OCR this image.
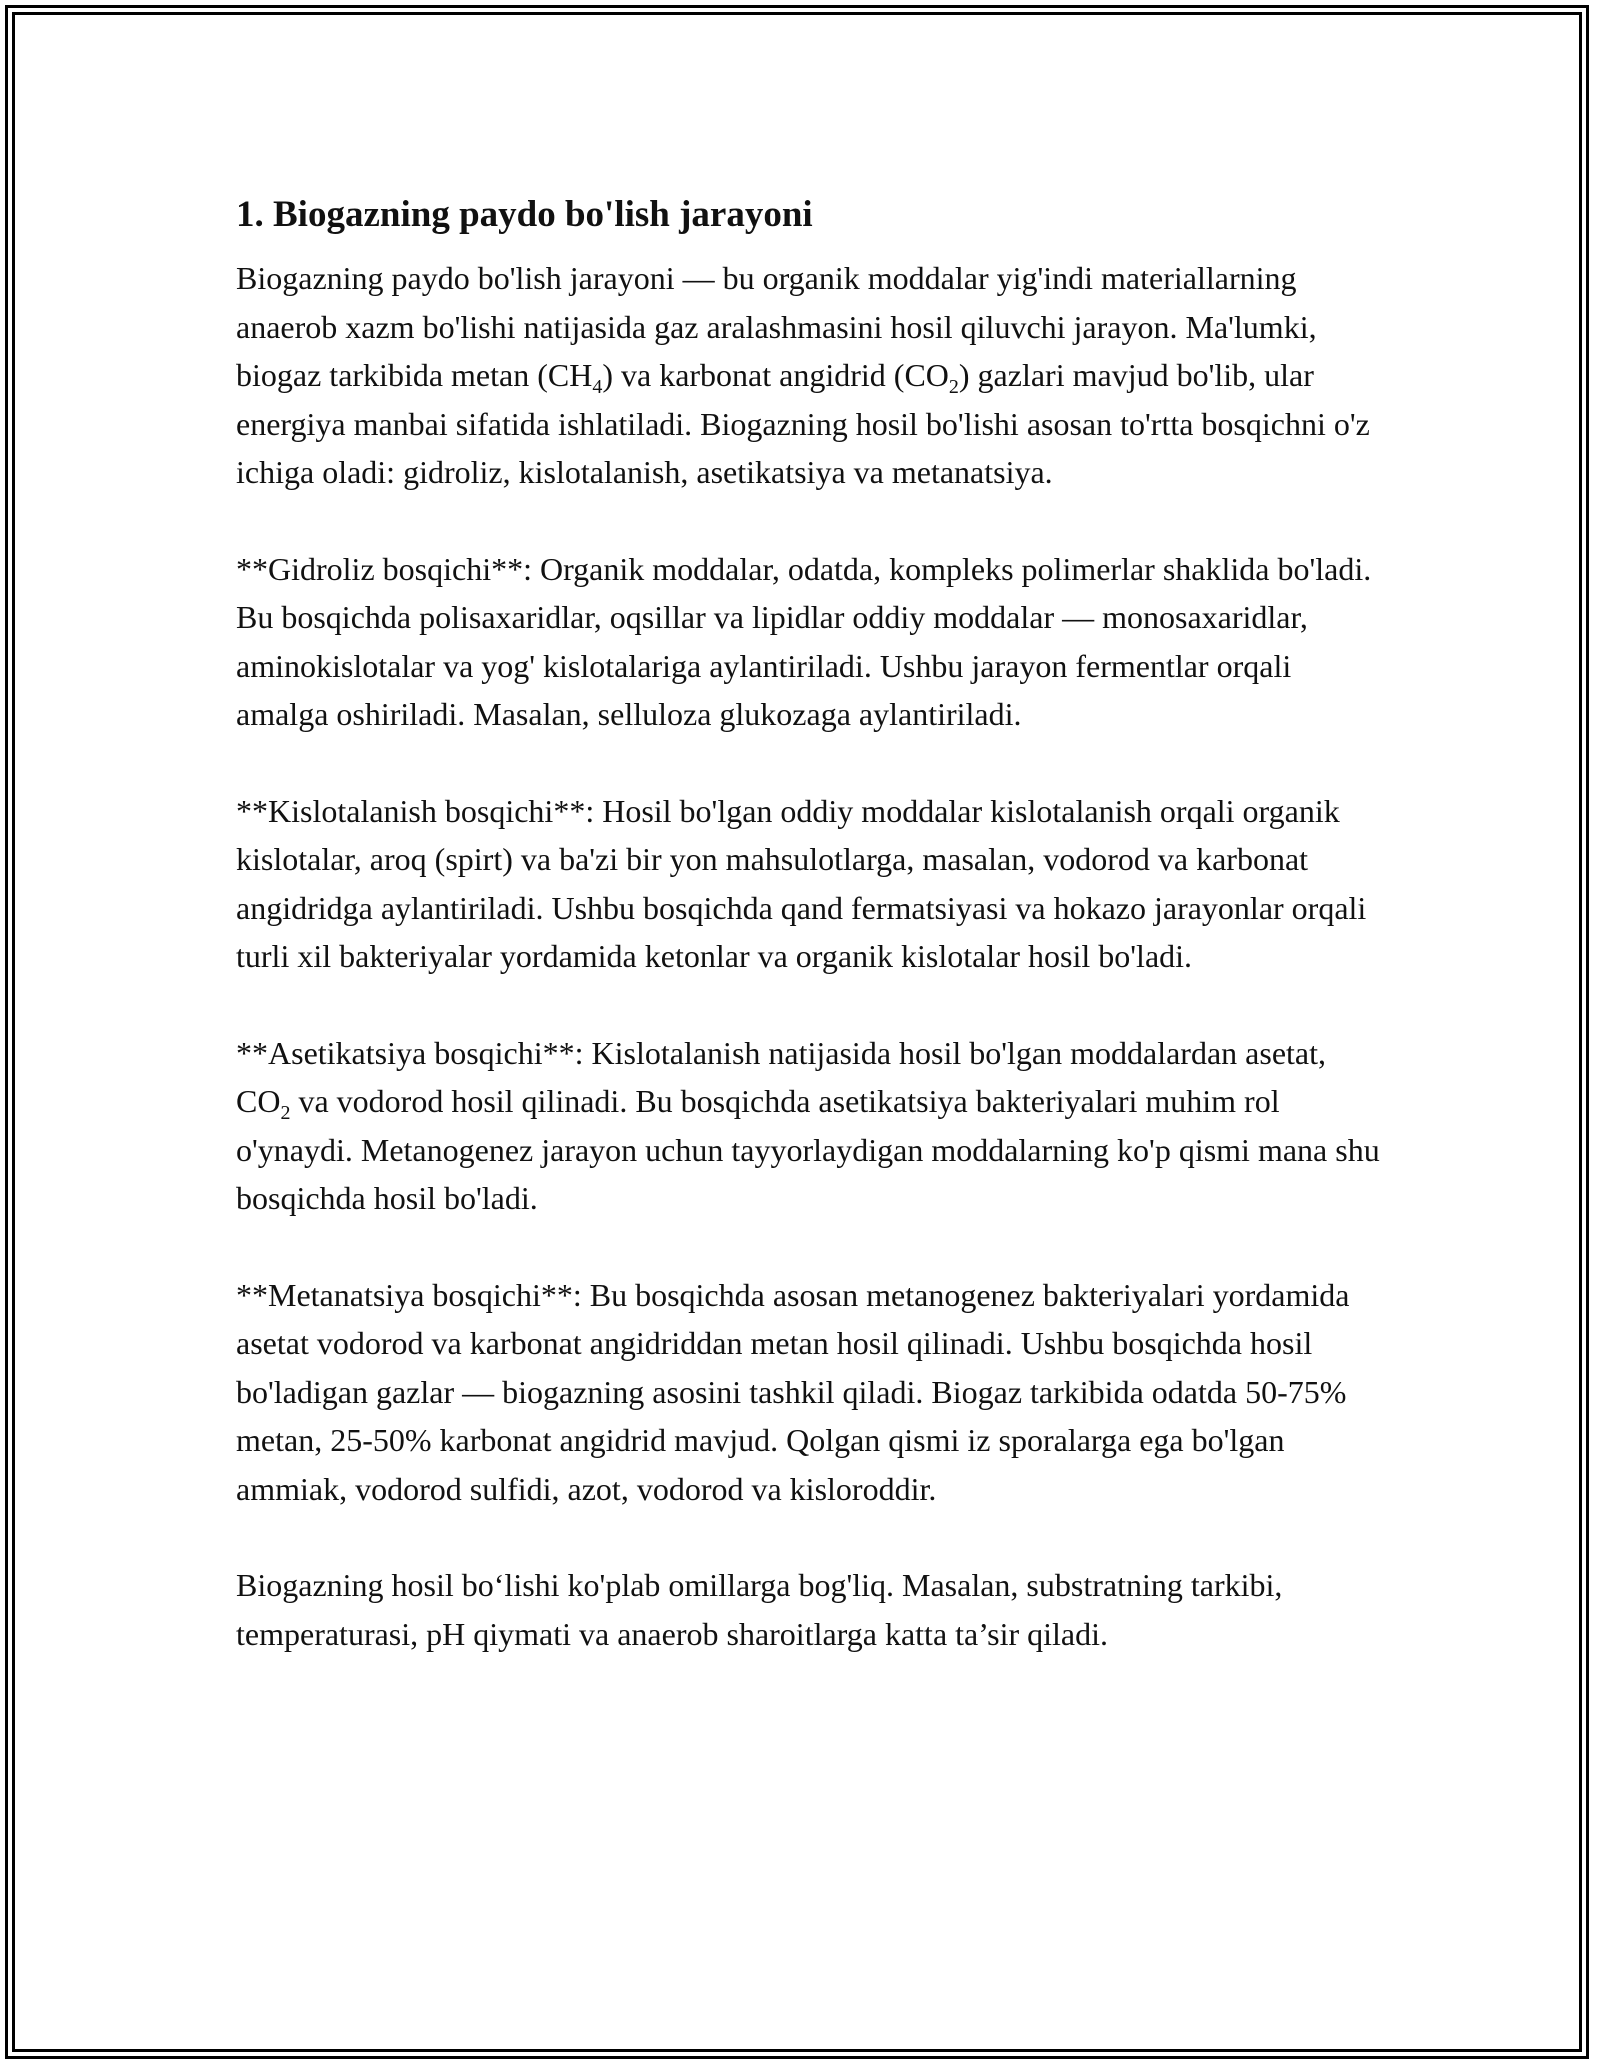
1. Biogazning paydo bo'lish jarayoni

Biogazning paydo bo'lish jarayoni — bu organik moddalar yig'indi materiallarning anaerob xazm bo'lishi natijasida gaz aralashmasini hosil qiluvchi jarayon. Ma'lumki, biogaz tarkibida metan $(CH_4)$ va karbonat angidrid $(CO_2)$ gazlari mavjud bo'lib, ular energiya manbai sifatida ishlatiladi. Biogazning hosil bo'lishi asosan to'rtta bosqichni o'z ichiga oladi: gidroliz, kislotalanish, asetikatsiya va metanatsiya.

**Gidroliz bosqichi**: Organik moddalar, odatda, kompleks polimerlar shaklida bo'ladi. Bu bosqichda polisaxaridlar, oqsillar va lipidlar oddiy moddalar — monosaxaridlar, aminokislotalar va yog' kislotalariga aylantiriladi. Ushbu jarayon fermentlar orqali amalga oshiriladi. Masalan, selluloza glukozaga aylantiriladi.

**Kislotalanish bosqichi**: Hosil bo'lgan oddiy moddalar kislotalanish orqali organik kislotalar, aroq (spirt) va ba'zi bir yon mahsulotlarga, masalan, vodorod va karbonat angidridga aylantiriladi. Ushbu bosqichda qand fermatsiyasi va hokazo jarayonlar orqali turli xil bakteriyalar yordamida ketonlar va organik kislotalar hosil bo'ladi.

**Asetikatsiya bosqichi**: Kislotalanish natijasida hosil bo'lgan moddalardan asetat, $CO_2$ va vodorod hosil qilinadi. Bu bosqichda asetikatsiya bakteriyalari muhim rol o'ynaydi. Metanogenez jarayon uchun tayyorlaydigan moddalarning ko'p qismi mana shu bosqichda hosil bo'ladi.

**Metanatsiya bosqichi**: Bu bosqichda asosan metanogenez bakteriyalari yordamida asetat vodorod va karbonat angidriddan metan hosil qilinadi. Ushbu bosqichda hosil bo'ladigan gazlar — biogazning asosini tashkil qiladi. Biogaz tarkibida odatda 50-75% metan, 25-50% karbonat angidrid mavjud. Qolgan qismi iz sporalarga ega bo'lgan ammiak, vodorod sulfidi, azot, vodorod va kisloroddir.

Biogazning hosil bo‘lishi ko'plab omillarga bog'liq. Masalan, substratning tarkibi, temperaturasi, pH qiymati va anaerob sharoitlarga katta ta’sir qiladi.
